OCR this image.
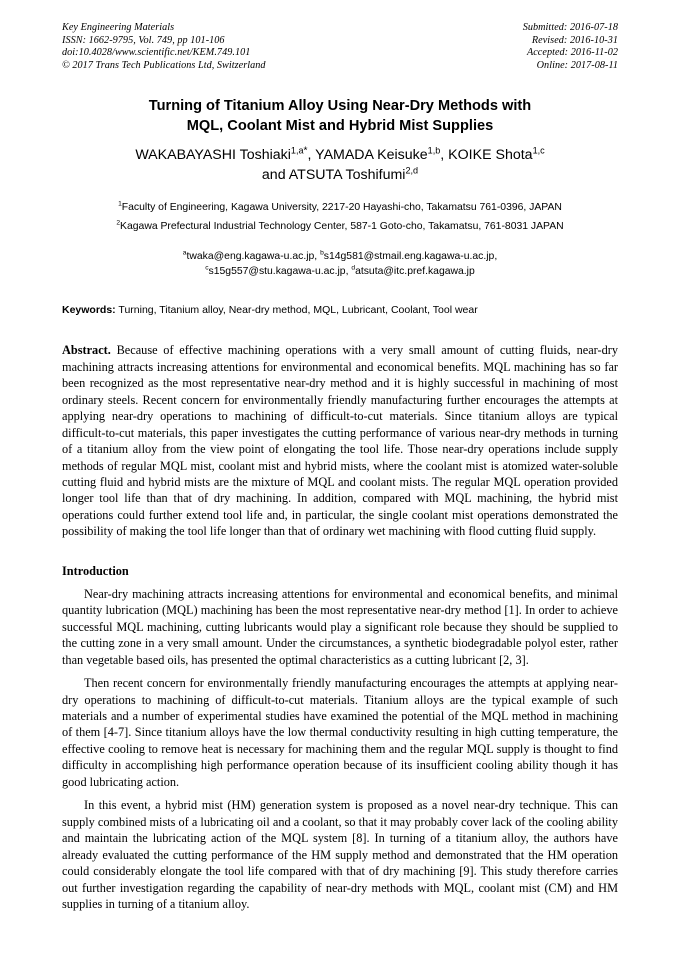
Key Engineering Materials
ISSN: 1662-9795, Vol. 749, pp 101-106
doi:10.4028/www.scientific.net/KEM.749.101
© 2017 Trans Tech Publications Ltd, Switzerland
Submitted: 2016-07-18
Revised: 2016-10-31
Accepted: 2016-11-02
Online: 2017-08-11
Turning of Titanium Alloy Using Near-Dry Methods with
MQL, Coolant Mist and Hybrid Mist Supplies
WAKABAYASHI Toshiaki$^{1,a*}$, YAMADA Keisuke$^{1,b}$, KOIKE Shota$^{1,c}$
and ATSUTA Toshifumi$^{2,d}$
$^1$Faculty of Engineering, Kagawa University, 2217-20 Hayashi-cho, Takamatsu 761-0396, JAPAN
$^2$Kagawa Prefectural Industrial Technology Center, 587-1 Goto-cho, Takamatsu, 761-8031 JAPAN
$^a$twaka@eng.kagawa-u.ac.jp, $^b$s14g581@stmail.eng.kagawa-u.ac.jp,
$^c$s15g557@stu.kagawa-u.ac.jp, $^d$atsuta@itc.pref.kagawa.jp
Keywords: Turning, Titanium alloy, Near-dry method, MQL, Lubricant, Coolant, Tool wear
Abstract. Because of effective machining operations with a very small amount of cutting fluids, near-dry machining attracts increasing attentions for environmental and economical benefits. MQL machining has so far been recognized as the most representative near-dry method and it is highly successful in machining of most ordinary steels. Recent concern for environmentally friendly manufacturing further encourages the attempts at applying near-dry operations to machining of difficult-to-cut materials. Since titanium alloys are typical difficult-to-cut materials, this paper investigates the cutting performance of various near-dry methods in turning of a titanium alloy from the view point of elongating the tool life. Those near-dry operations include supply methods of regular MQL mist, coolant mist and hybrid mists, where the coolant mist is atomized water-soluble cutting fluid and hybrid mists are the mixture of MQL and coolant mists. The regular MQL operation provided longer tool life than that of dry machining. In addition, compared with MQL machining, the hybrid mist operations could further extend tool life and, in particular, the single coolant mist operations demonstrated the possibility of making the tool life longer than that of ordinary wet machining with flood cutting fluid supply.
Introduction
Near-dry machining attracts increasing attentions for environmental and economical benefits, and minimal quantity lubrication (MQL) machining has been the most representative near-dry method [1]. In order to achieve successful MQL machining, cutting lubricants would play a significant role because they should be supplied to the cutting zone in a very small amount. Under the circumstances, a synthetic biodegradable polyol ester, rather than vegetable based oils, has presented the optimal characteristics as a cutting lubricant [2, 3].
Then recent concern for environmentally friendly manufacturing encourages the attempts at applying near-dry operations to machining of difficult-to-cut materials. Titanium alloys are the typical example of such materials and a number of experimental studies have examined the potential of the MQL method in machining of them [4-7]. Since titanium alloys have the low thermal conductivity resulting in high cutting temperature, the effective cooling to remove heat is necessary for machining them and the regular MQL supply is thought to find difficulty in accomplishing high performance operation because of its insufficient cooling ability though it has good lubricating action.
In this event, a hybrid mist (HM) generation system is proposed as a novel near-dry technique. This can supply combined mists of a lubricating oil and a coolant, so that it may probably cover lack of the cooling ability and maintain the lubricating action of the MQL system [8]. In turning of a titanium alloy, the authors have already evaluated the cutting performance of the HM supply method and demonstrated that the HM operation could considerably elongate the tool life compared with that of dry machining [9]. This study therefore carries out further investigation regarding the capability of near-dry methods with MQL, coolant mist (CM) and HM supplies in turning of a titanium alloy.
